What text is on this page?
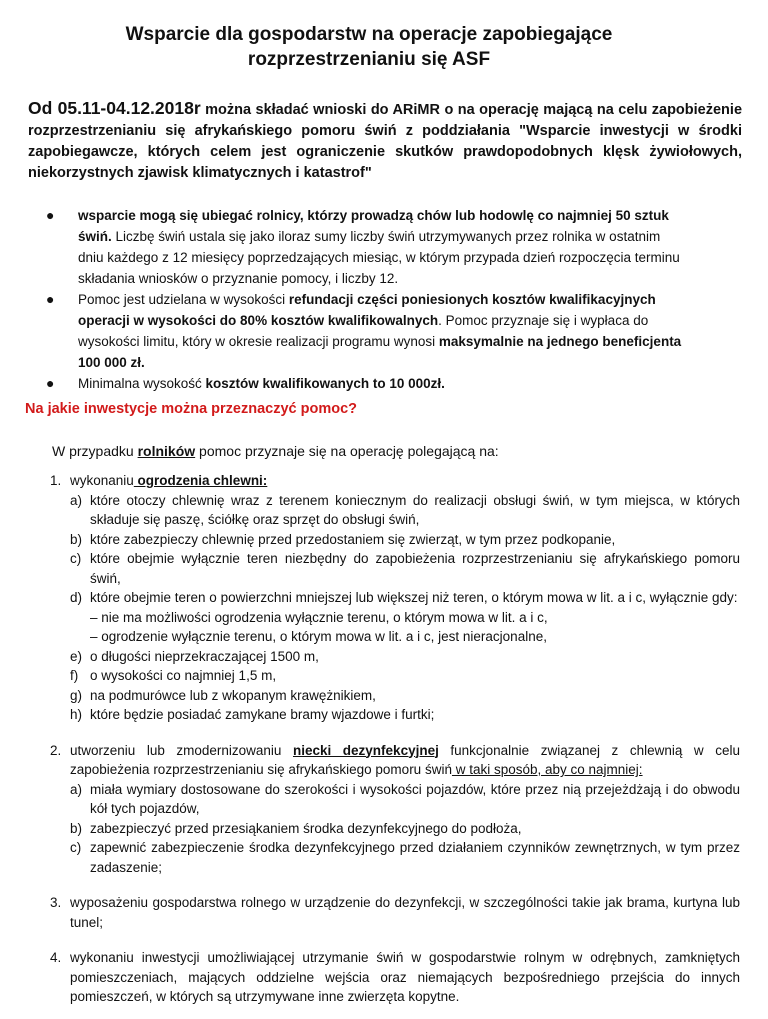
Wsparcie dla gospodarstw na operacje zapobiegające
rozprzestrzenianiu się ASF
Od 05.11-04.12.2018r można składać wnioski do ARiMR o na operację mającą na celu zapobieżenie rozprzestrzenianiu się afrykańskiego pomoru świń z poddziałania "Wsparcie inwestycji w środki zapobiegawcze, których celem jest ograniczenie skutków prawdopodobnych klęsk żywiołowych, niekorzystnych zjawisk klimatycznych i katastrof"
● wsparcie mogą się ubiegać rolnicy, którzy prowadzą chów lub hodowlę co najmniej 50 sztuk świń. Liczbę świń ustala się jako iloraz sumy liczby świń utrzymywanych przez rolnika w ostatnim dniu każdego z 12 miesięcy poprzedzających miesiąc, w którym przypada dzień rozpoczęcia terminu składania wniosków o przyznanie pomocy, i liczby 12.
● Pomoc jest udzielana w wysokości refundacji części poniesionych kosztów kwalifikacyjnych operacji w wysokości do 80% kosztów kwalifikowalnych. Pomoc przyznaje się i wypłaca do wysokości limitu, który w okresie realizacji programu wynosi maksymalnie na jednego beneficjenta 100 000 zł.
● Minimalna wysokość kosztów kwalifikowanych to 10 000zł.
Na jakie inwestycje można przeznaczyć pomoc?
W przypadku rolników pomoc przyznaje się na operację polegającą na:
1. wykonaniu ogrodzenia chlewni:
a) które otoczy chlewnię wraz z terenem koniecznym do realizacji obsługi świń, w tym miejsca, w których składuje się paszę, ściółkę oraz sprzęt do obsługi świń,
b) które zabezpieczy chlewnię przed przedostaniem się zwierząt, w tym przez podkopanie,
c) które obejmie wyłącznie teren niezbędny do zapobieżenia rozprzestrzenianiu się afrykańskiego pomoru świń,
d) które obejmie teren o powierzchni mniejszej lub większej niż teren, o którym mowa w lit. a i c, wyłącznie gdy:
– nie ma możliwości ogrodzenia wyłącznie terenu, o którym mowa w lit. a i c,
– ogrodzenie wyłącznie terenu, o którym mowa w lit. a i c, jest nieracjonalne,
e) o długości nieprzekraczającej 1500 m,
f) o wysokości co najmniej 1,5 m,
g) na podmurówce lub z wkopanym krawężnikiem,
h) które będzie posiadać zamykane bramy wjazdowe i furtki;
2. utworzeniu lub zmodernizowaniu niecki dezynfekcyjnej funkcjonalnie związanej z chlewnią w celu zapobieżenia rozprzestrzenianiu się afrykańskiego pomoru świń w taki sposób, aby co najmniej:
a) miała wymiary dostosowane do szerokości i wysokości pojazdów, które przez nią przejeżdżają i do obwodu kół tych pojazdów,
b) zabezpieczyć przed przesiąkaniem środka dezynfekcyjnego do podłoża,
c) zapewnić zabezpieczenie środka dezynfekcyjnego przed działaniem czynników zewnętrznych, w tym przez zadaszenie;
3. wyposażeniu gospodarstwa rolnego w urządzenie do dezynfekcji, w szczególności takie jak brama, kurtyna lub tunel;
4. wykonaniu inwestycji umożliwiającej utrzymanie świń w gospodarstwie rolnym w odrębnych, zamkniętych pomieszczeniach, mających oddzielne wejścia oraz niemających bezpośredniego przejścia do innych pomieszczeń, w których są utrzymywane inne zwierzęta kopytne.
